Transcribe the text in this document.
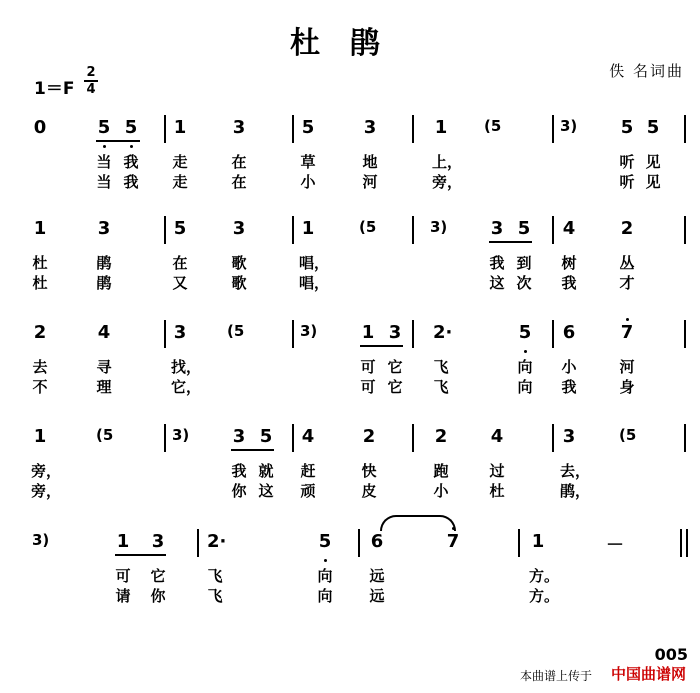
杜鹃
佚 名词曲
1＝F
2
4
0	5 5 1	3	5	3	1 (5	3) 5 5
当 我 走	在	草	地	上，	听 见
当 我 走	在	小	河	旁，	听 见
1	3	5	3	1	(5	3) 3 5 4	2
杜	鹃	在	歌	唱，	我 到 树	丛
杜	鹃	又	歌	唱，	这 次 我	才
2	4	3	(5	3) 1 3 2·	5 6	7
去	寻	找，	可 它 飞	向 小	河
不	理	它，	可 它 飞	向 我	身
1	(5	3) 3 5 4	2	2 4	3	(5
旁，	我 就 赶	快	跑	过	去，
旁，	你 这 顽	皮	小	杜	鹃，
3)	1 3 2·	5 6	7	1	－
可 它	飞	向 远	方。
请 你	飞	向 远	方。
005
本曲谱上传于 中国曲谱网
